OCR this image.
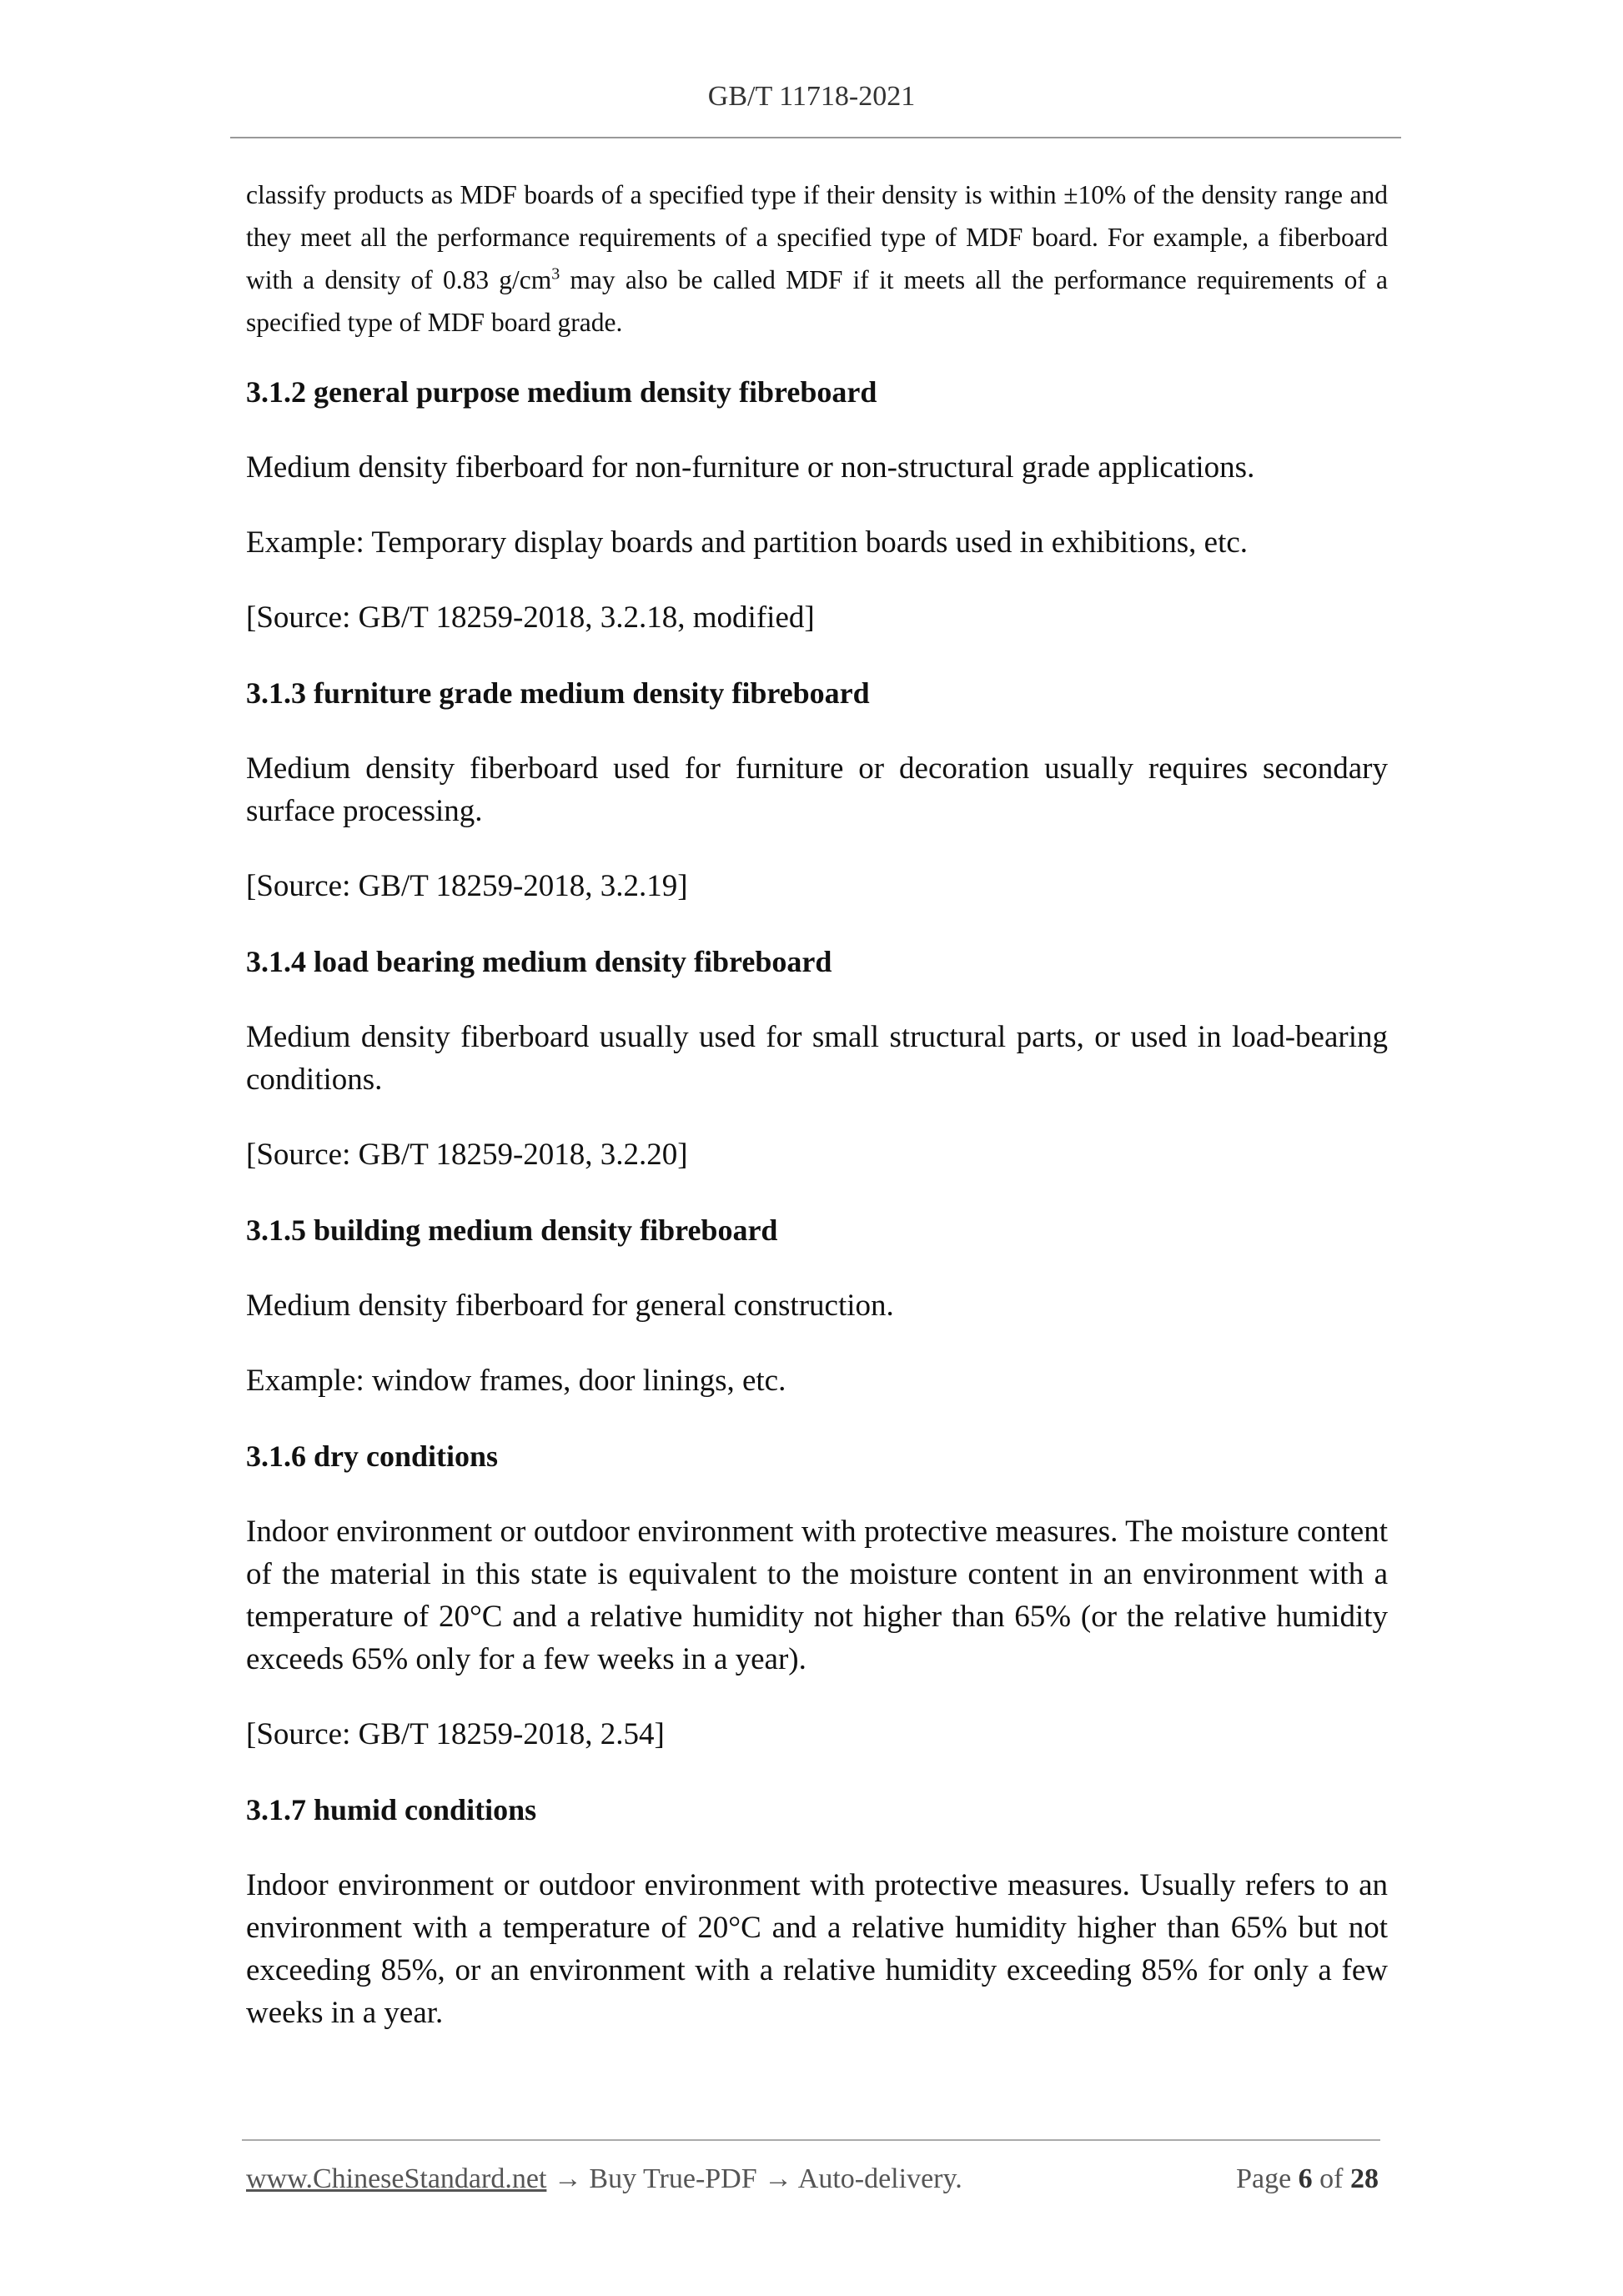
GB/T 11718-2021

classify products as MDF boards of a specified type if their density is within ±10% of the density range and they meet all the performance requirements of a specified type of MDF board. For example, a fiberboard with a density of 0.83 $g/cm^3$ may also be called MDF if it meets all the performance requirements of a specified type of MDF board grade.

3.1.2 general purpose medium density fibreboard

Medium density fiberboard for non-furniture or non-structural grade applications.

Example: Temporary display boards and partition boards used in exhibitions, etc.

[Source: GB/T 18259-2018, 3.2.18, modified]

3.1.3 furniture grade medium density fibreboard

Medium density fiberboard used for furniture or decoration usually requires secondary surface processing.

[Source: GB/T 18259-2018, 3.2.19]

3.1.4 load bearing medium density fibreboard

Medium density fiberboard usually used for small structural parts, or used in load-bearing conditions.

[Source: GB/T 18259-2018, 3.2.20]

3.1.5 building medium density fibreboard

Medium density fiberboard for general construction.

Example: window frames, door linings, etc.

3.1.6 dry conditions

Indoor environment or outdoor environment with protective measures. The moisture content of the material in this state is equivalent to the moisture content in an environment with a temperature of 20°C and a relative humidity not higher than 65% (or the relative humidity exceeds 65% only for a few weeks in a year).

[Source: GB/T 18259-2018, 2.54]

3.1.7 humid conditions

Indoor environment or outdoor environment with protective measures. Usually refers to an environment with a temperature of 20°C and a relative humidity higher than 65% but not exceeding 85%, or an environment with a relative humidity exceeding 85% for only a few weeks in a year.

www.ChineseStandard.net → Buy True-PDF → Auto-delivery.	Page 6 of 28
